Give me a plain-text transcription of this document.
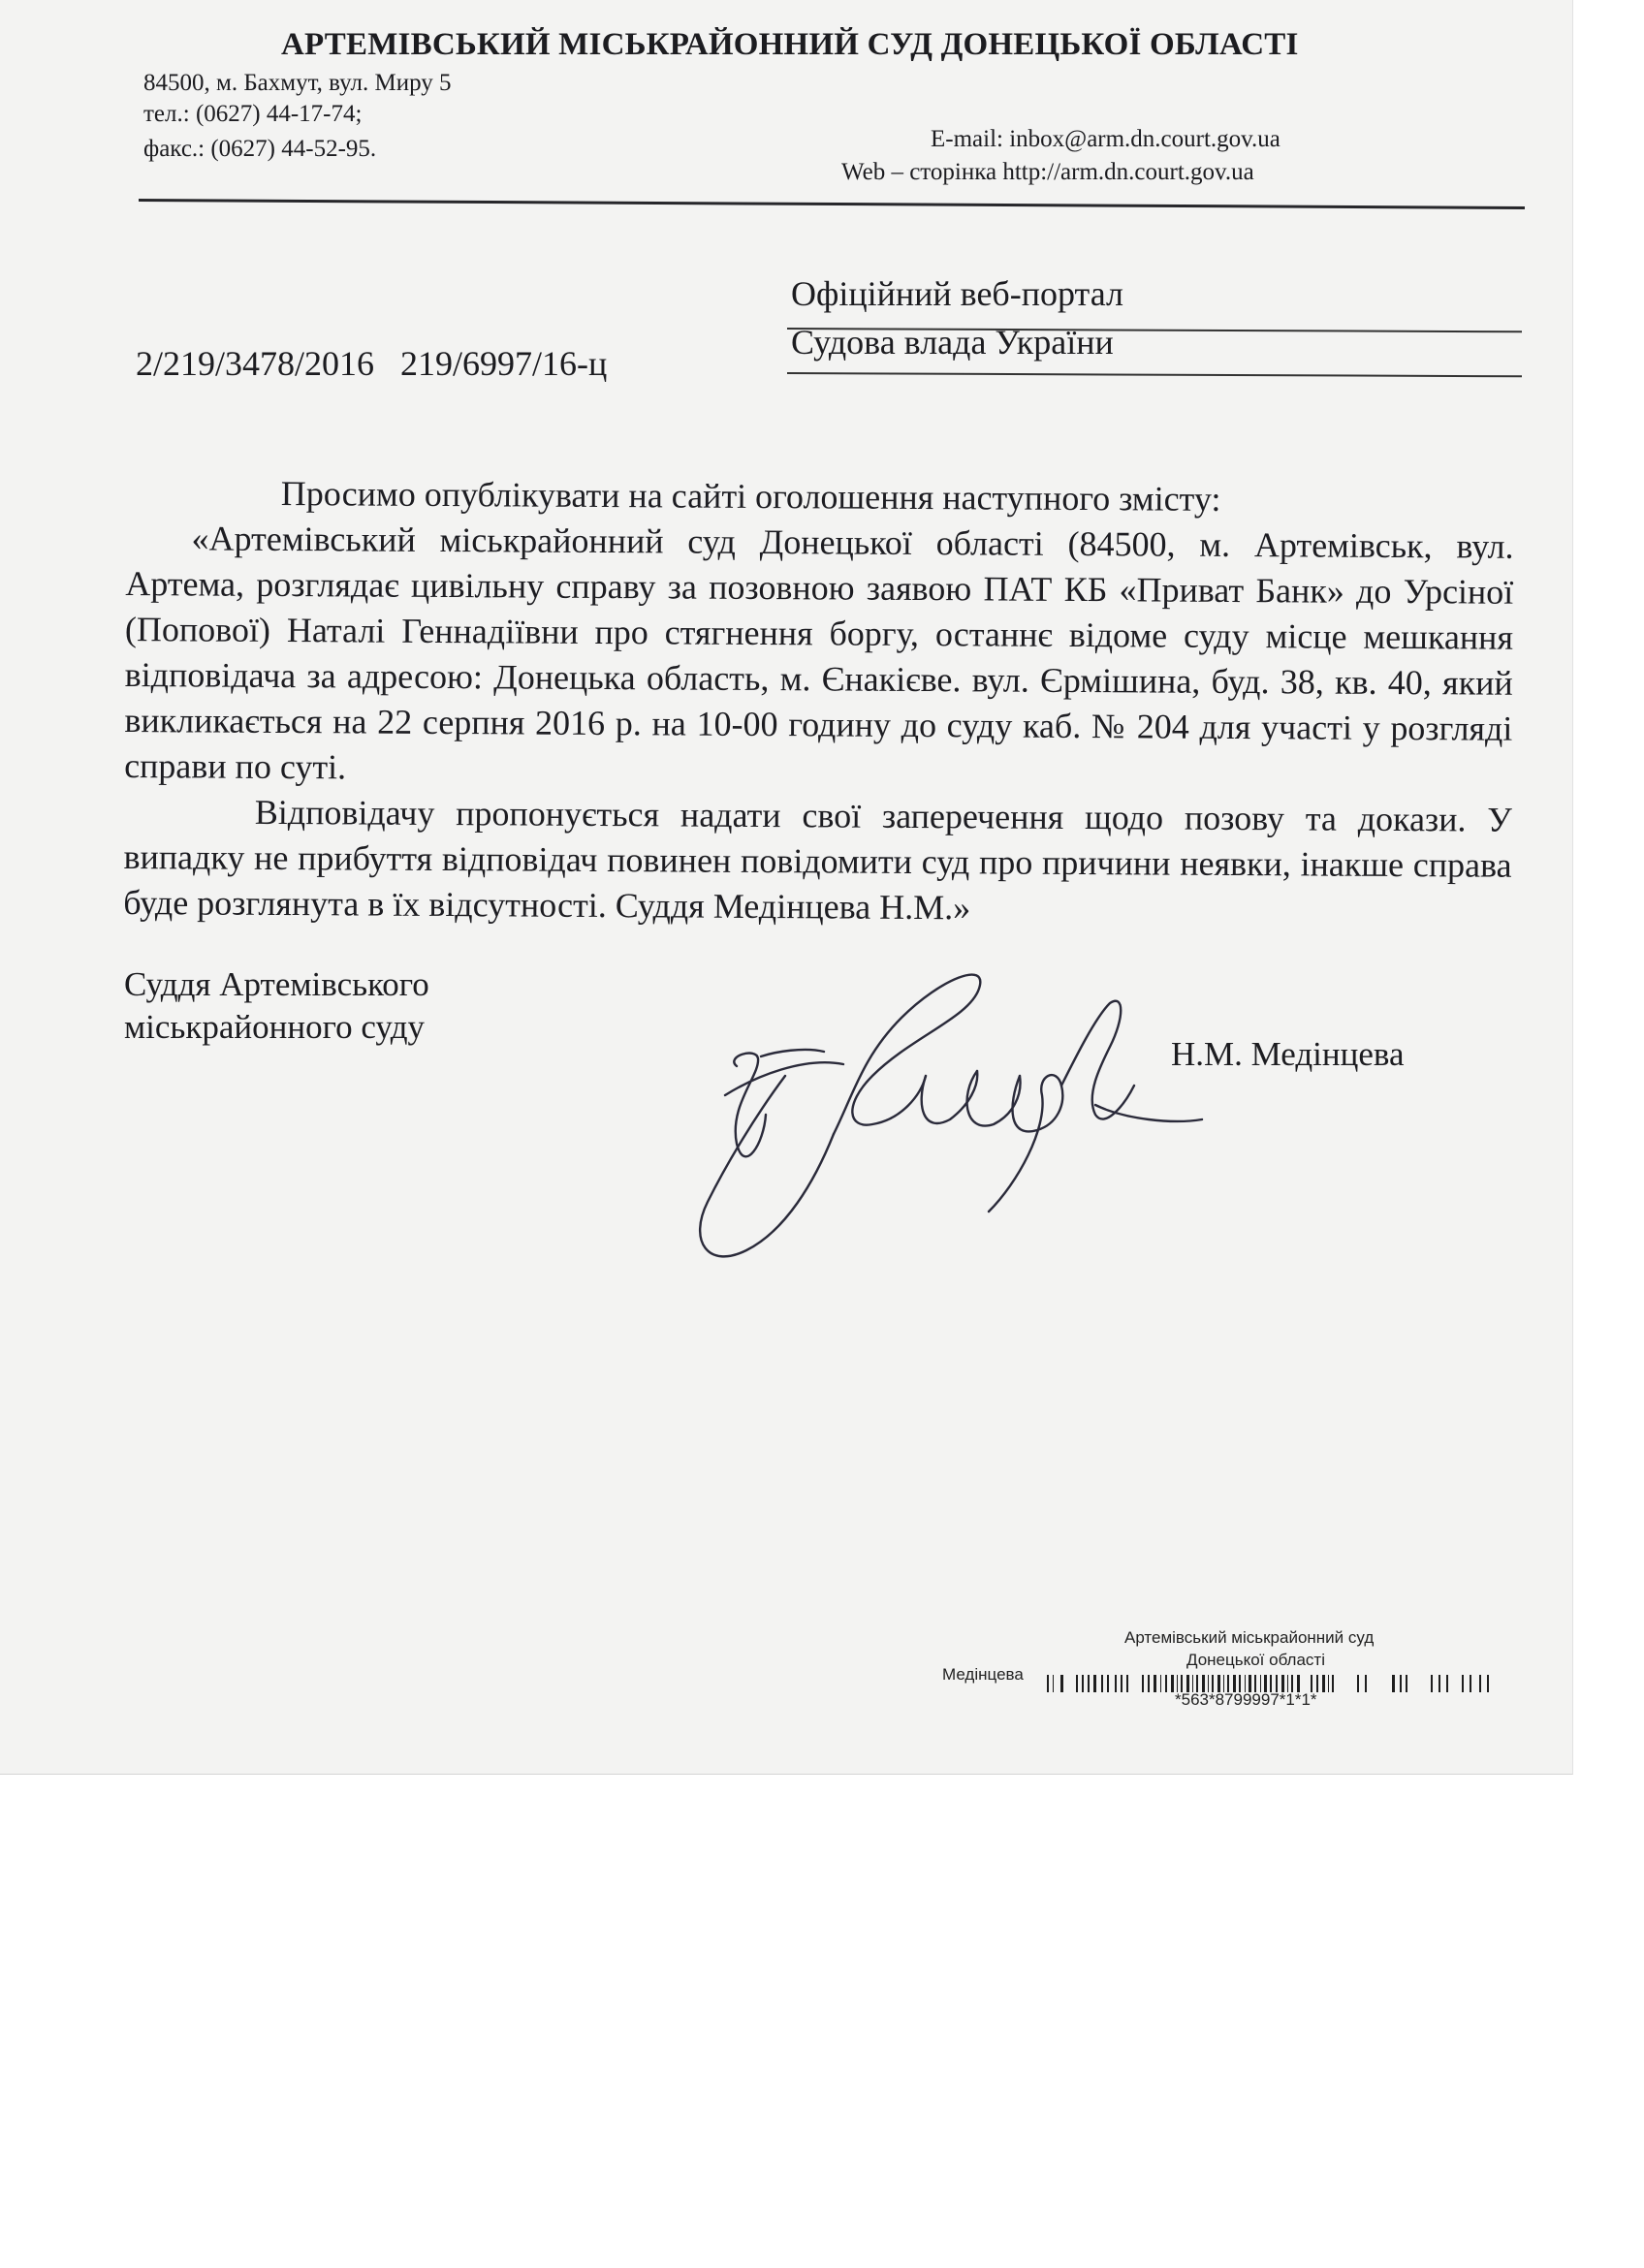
АРТЕМІВСЬКИЙ МІСЬКРАЙОННИЙ СУД ДОНЕЦЬКОЇ ОБЛАСТІ
84500, м. Бахмут, вул. Миру 5
тел.: (0627) 44-17-74;
факс.: (0627) 44-52-95.	E-mail: inbox@arm.dn.court.gov.ua
Web – сторінка http://arm.dn.court.gov.ua
Офіційний веб-портал
Судова влада України
2/219/3478/2016   219/6997/16-ц

Просимо опублікувати на сайті оголошення наступного змісту:

«Артемівський міськрайонний суд Донецької області (84500, м. Артемівськ, вул. Артема, розглядає цивільну справу за позовною заявою ПАТ КБ «Приват Банк» до Урсіної (Попової) Наталі Геннадіївни про стягнення боргу, останнє відоме суду місце мешкання відповідача за адресою: Донецька область, м. Єнакієве. вул. Єрмішина, буд. 38, кв. 40, який викликається на 22 серпня 2016 р. на 10-00 годину до суду каб. № 204 для участі у розгляді справи по суті.

Відповідачу пропонується надати свої заперечення щодо позову та докази. У випадку не прибуття відповідач повинен повідомити суд про причини неявки, інакше справа буде розглянута в їх відсутності. Суддя Медінцева Н.М.»

Суддя Артемівського
міськрайонного суду
Н.М. Медінцева
Артемівський міськрайонний суд
Донецької області
Медінцева
*563*8799997*1*1*
